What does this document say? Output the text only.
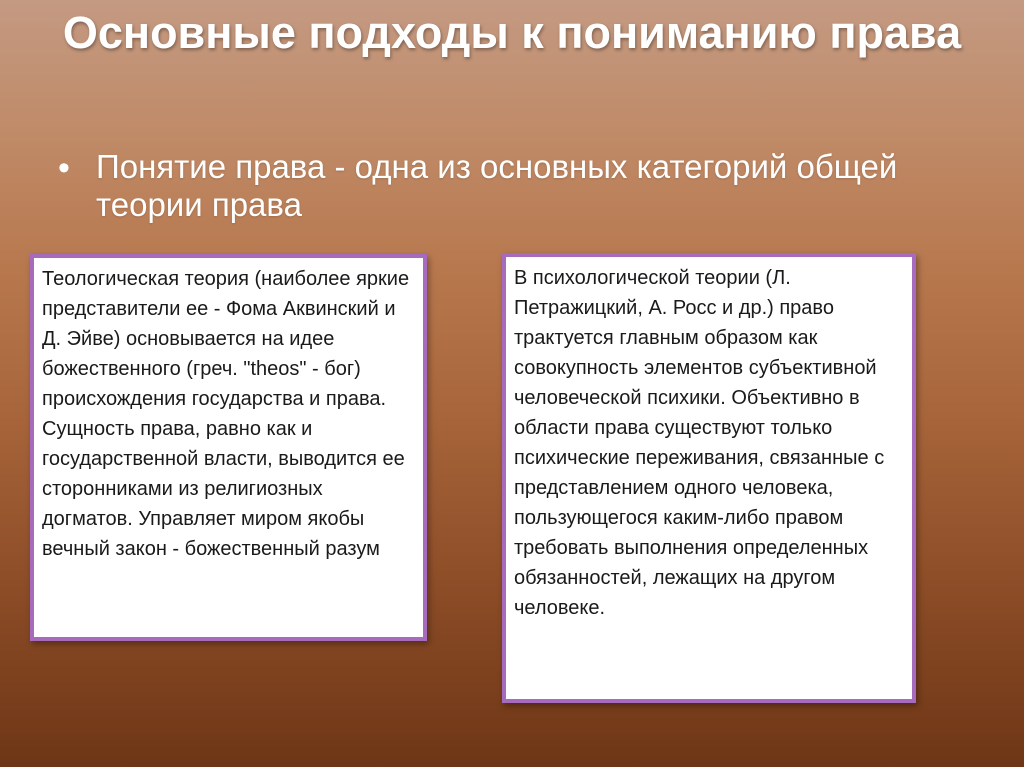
Основные подходы к пониманию права
• Понятие права - одна из основных категорий общей теории права

Теологическая теория (наиболее яркие представители ее - Фома Аквинский и Д. Эйве) основывается на идее божественного (греч. "theos" - бог) происхождения государства и права. Сущность права, равно как и государственной власти, выводится ее сторонниками из религиозных догматов. Управляет миром якобы вечный закон - божественный разум

В психологической теории (Л. Петражицкий, А. Росс и др.) право трактуется главным образом как совокупность элементов субъективной человеческой психики. Объективно в области права существуют только психические переживания, связанные с представлением одного человека, пользующегося каким-либо правом требовать выполнения определенных обязанностей, лежащих на другом человеке.
